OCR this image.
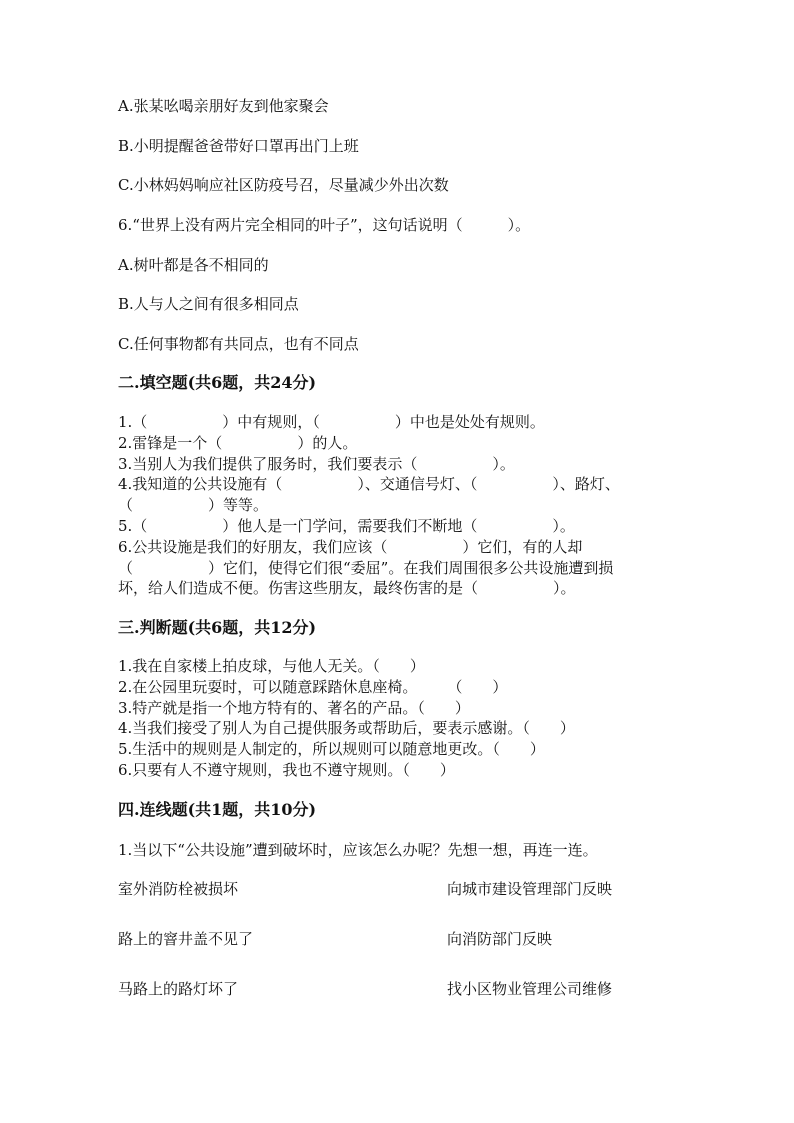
A.张某吆喝亲朋好友到他家聚会
B.小明提醒爸爸带好口罩再出门上班
C.小林妈妈响应社区防疫号召，尽量减少外出次数
6.“世界上没有两片完全相同的叶子”，这句话说明（　　　）。
A.树叶都是各不相同的
B.人与人之间有很多相同点
C.任何事物都有共同点，也有不同点
二.填空题(共6题，共24分)
1.（　　　　　）中有规则，（　　　　　）中也是处处有规则。
2.雷锋是一个（　　　　　）的人。
3.当别人为我们提供了服务时，我们要表示（　　　　　）。
4.我知道的公共设施有（　　　　　）、交通信号灯、（　　　　　）、路灯、
（　　　　　）等等。
5.（　　　　　）他人是一门学问，需要我们不断地（　　　　　）。
6.公共设施是我们的好朋友，我们应该（　　　　　）它们，有的人却
（　　　　　）它们，使得它们很“委屈”。在我们周围很多公共设施遭到损
坏，给人们造成不便。伤害这些朋友，最终伤害的是（　　　　　）。
三.判断题(共6题，共12分)
1.我在自家楼上拍皮球，与他人无关。（　　）
2.在公园里玩耍时，可以随意踩踏休息座椅。　　　（　　）
3.特产就是指一个地方特有的、著名的产品。（　　）
4.当我们接受了别人为自己提供服务或帮助后，要表示感谢。（　　）
5.生活中的规则是人制定的，所以规则可以随意地更改。（　　）
6.只要有人不遵守规则，我也不遵守规则。（　　）
四.连线题(共1题，共10分)
1.当以下“公共设施”遭到破坏时，应该怎么办呢？先想一想，再连一连。
室外消防栓被损坏	向城市建设管理部门反映
路上的窨井盖不见了	向消防部门反映
马路上的路灯坏了	找小区物业管理公司维修
